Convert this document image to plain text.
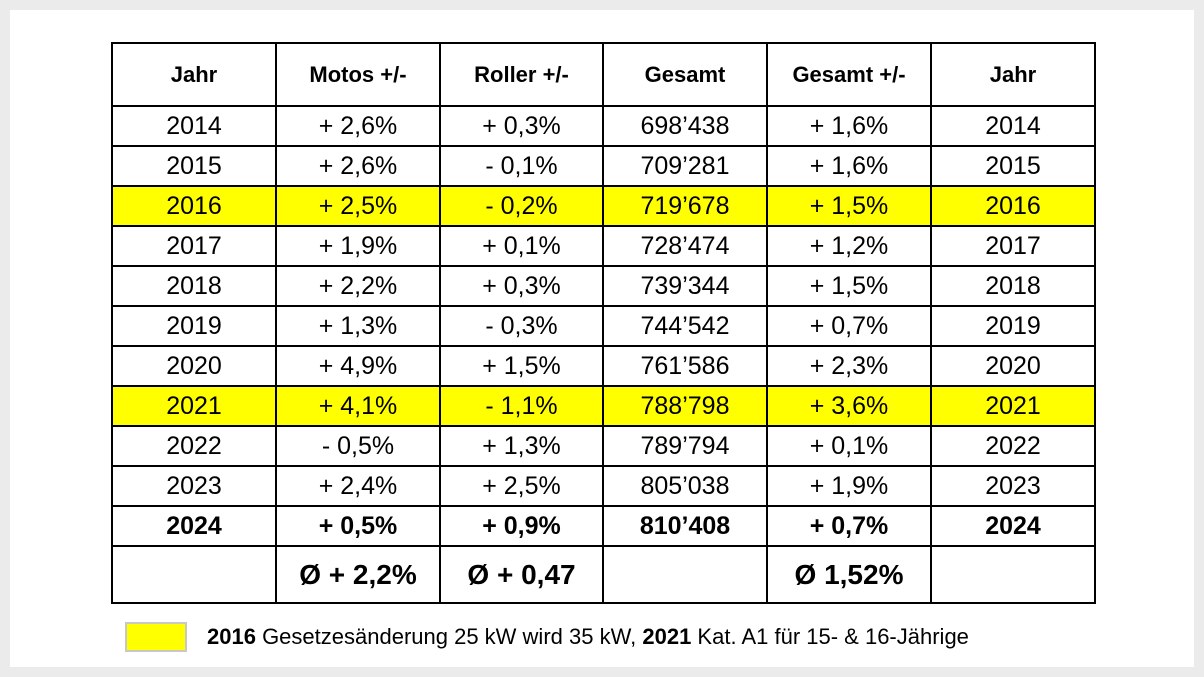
Jahr	Motos +/-	Roller +/-	Gesamt	Gesamt +/-	Jahr
2014	+ 2,6%	+ 0,3%	698’438	+ 1,6%	2014
2015	+ 2,6%	- 0,1%	709’281	+ 1,6%	2015
2016	+ 2,5%	- 0,2%	719’678	+ 1,5%	2016
2017	+ 1,9%	+ 0,1%	728’474	+ 1,2%	2017
2018	+ 2,2%	+ 0,3%	739’344	+ 1,5%	2018
2019	+ 1,3%	- 0,3%	744’542	+ 0,7%	2019
2020	+ 4,9%	+ 1,5%	761’586	+ 2,3%	2020
2021	+ 4,1%	- 1,1%	788’798	+ 3,6%	2021
2022	- 0,5%	+ 1,3%	789’794	+ 0,1%	2022
2023	+ 2,4%	+ 2,5%	805’038	+ 1,9%	2023
2024	+ 0,5%	+ 0,9%	810’408	+ 0,7%	2024
	Ø + 2,2%	Ø + 0,47		Ø 1,52%	
2016 Gesetzesänderung 25 kW wird 35 kW, 2021 Kat. A1 für 15- & 16-Jährige
